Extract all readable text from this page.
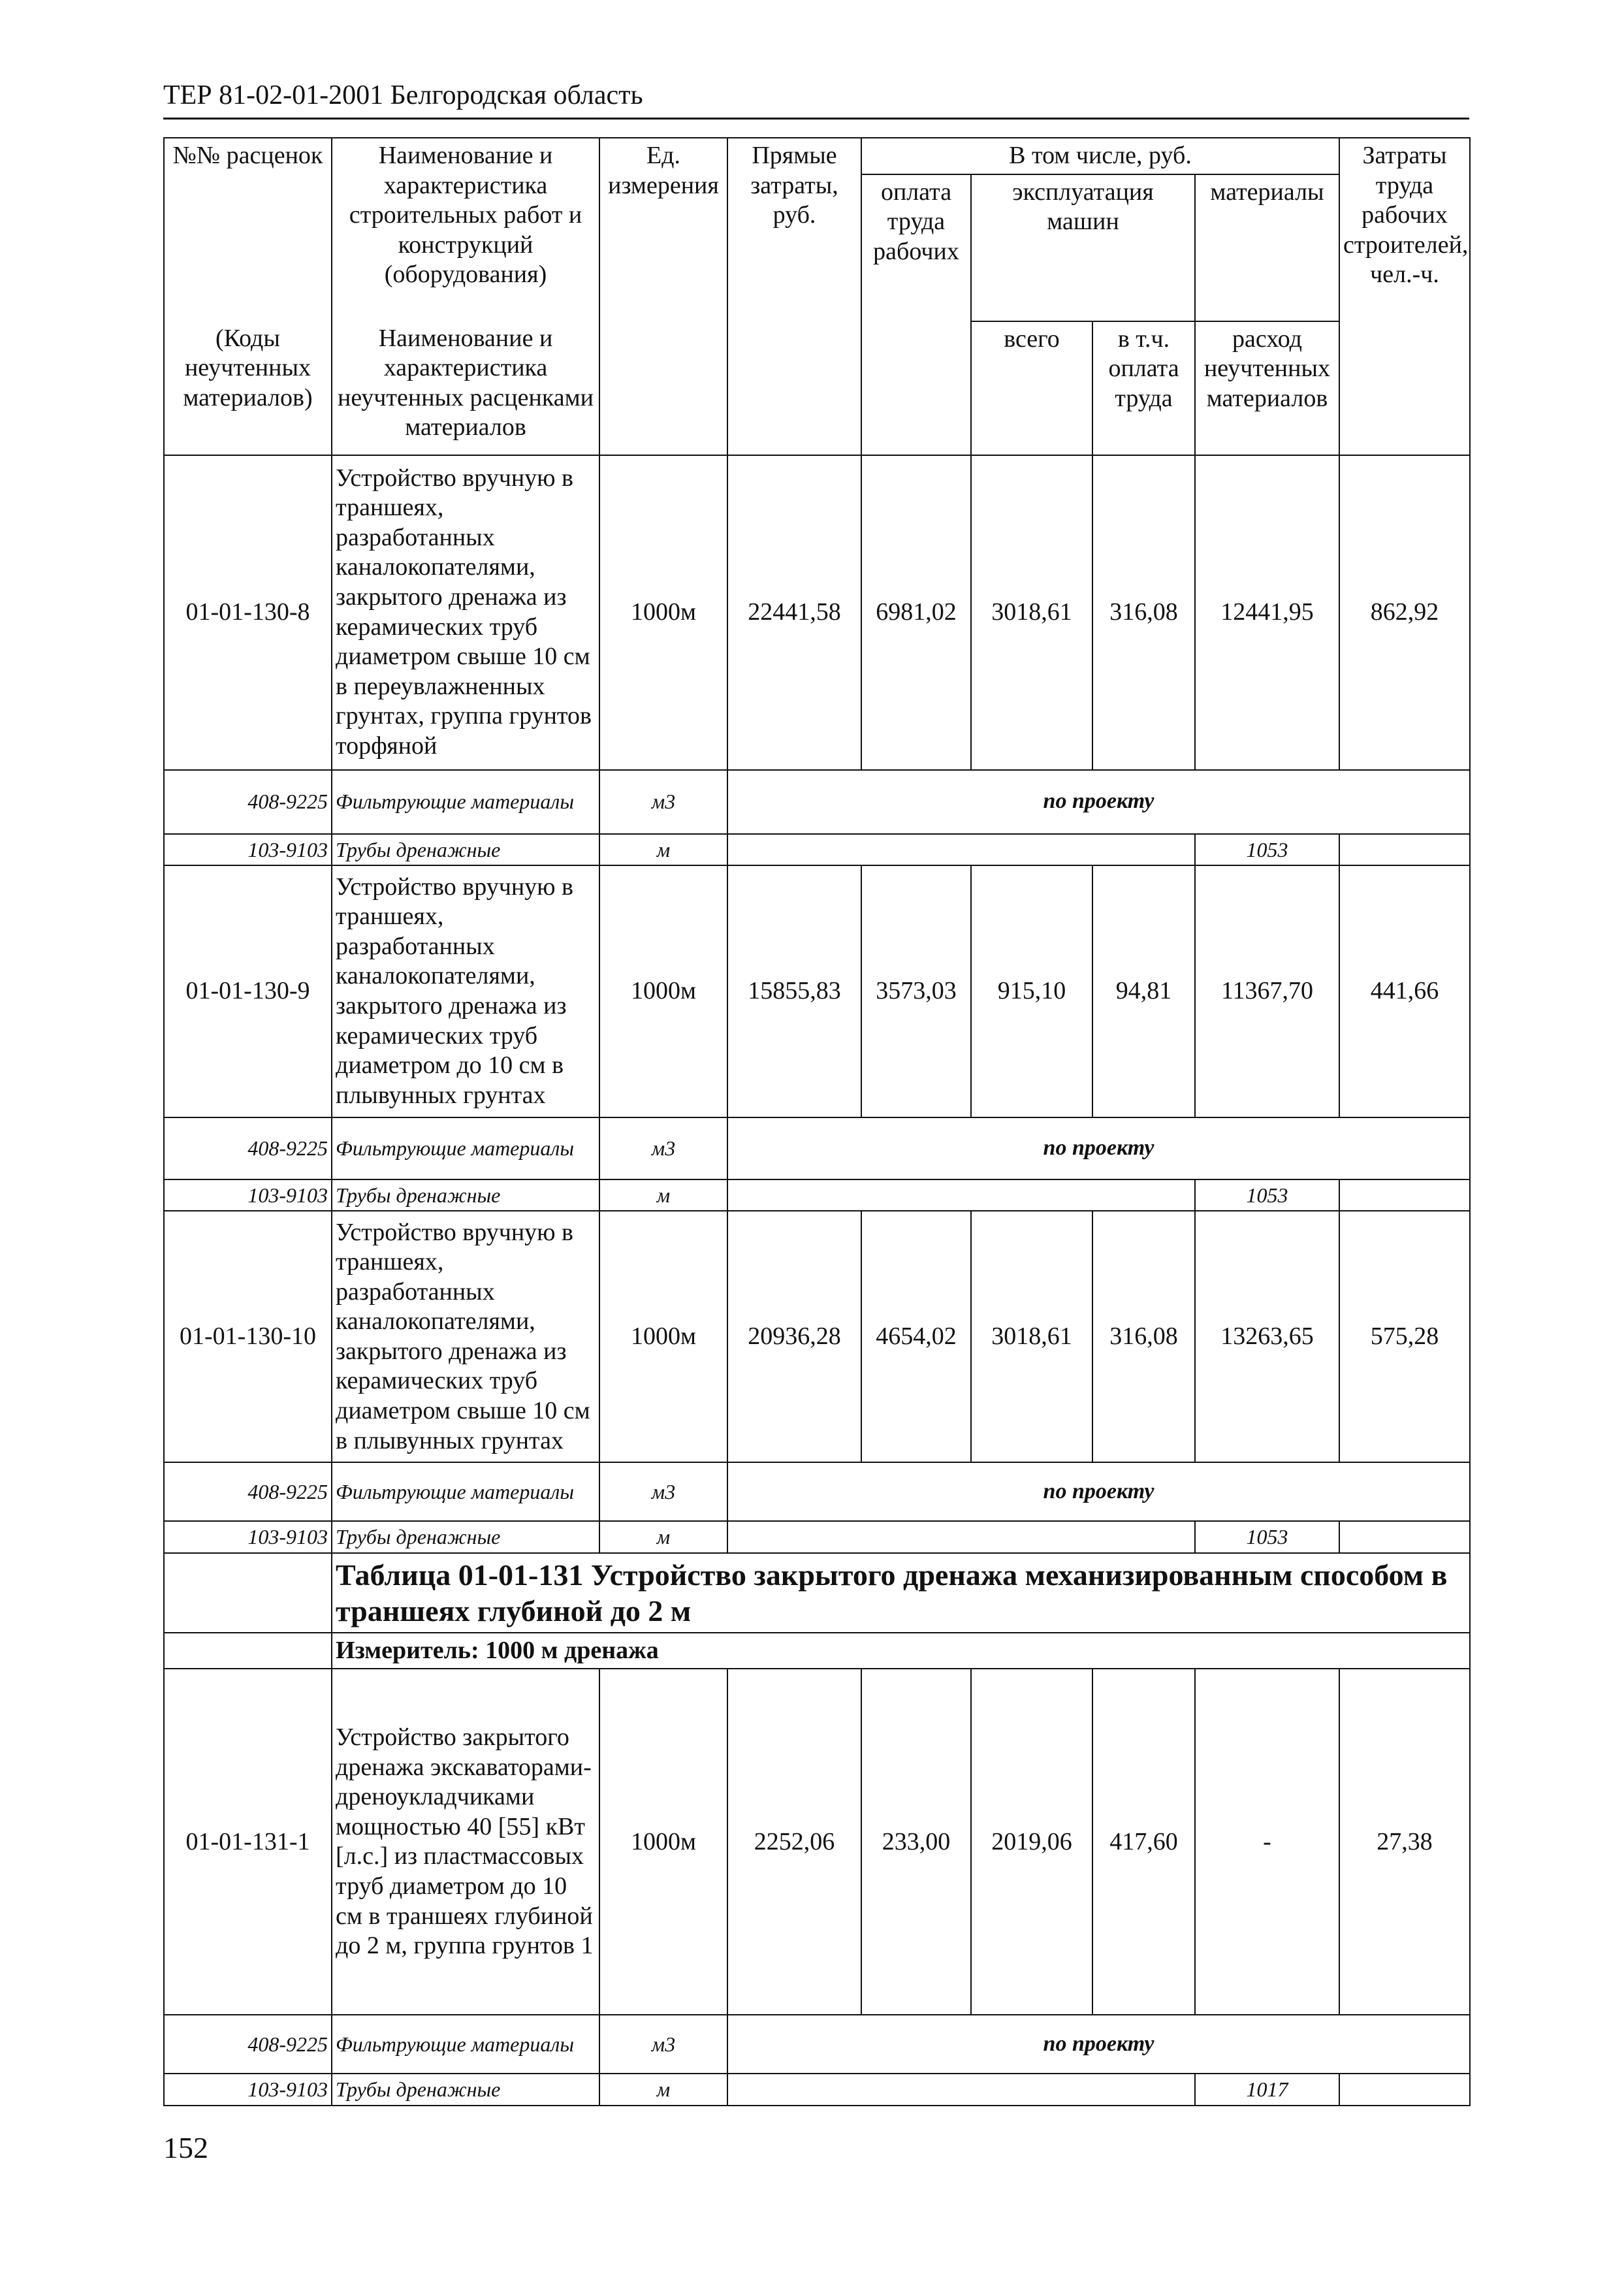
ТЕР 81-02-01-2001 Белгородская область
№№ расценок	Наименование и характеристика строительных работ и конструкций (оборудования)	Ед. измерения	Прямые затраты, руб.	В том числе, руб.				Затраты труда рабочих строителей, чел.-ч.
				оплата труда рабочих	эксплуатация машин		материалы	
(Коды неучтенных материалов)	Наименование и характеристика неучтенных расценками материалов				всего	в т.ч. оплата труда	расход неучтенных материалов	
01-01-130-8	Устройство вручную в траншеях, разработанных каналокопателями, закрытого дренажа из керамических труб диаметром свыше 10 см в переувлажненных грунтах, группа грунтов торфяной	1000м	22441,58	6981,02	3018,61	316,08	12441,95	862,92
408-9225	Фильтрующие материалы	м3	по проекту					
103-9103	Трубы дренажные	м					1053	
01-01-130-9	Устройство вручную в траншеях, разработанных каналокопателями, закрытого дренажа из керамических труб диаметром до 10 см в плывунных грунтах	1000м	15855,83	3573,03	915,10	94,81	11367,70	441,66
408-9225	Фильтрующие материалы	м3	по проекту					
103-9103	Трубы дренажные	м					1053	
01-01-130-10	Устройство вручную в траншеях, разработанных каналокопателями, закрытого дренажа из керамических труб диаметром свыше 10 см в плывунных грунтах	1000м	20936,28	4654,02	3018,61	316,08	13263,65	575,28
408-9225	Фильтрующие материалы	м3	по проекту					
103-9103	Трубы дренажные	м					1053	
	Таблица 01-01-131 Устройство закрытого дренажа механизированным способом в траншеях глубиной до 2 м							
	Измеритель: 1000 м дренажа							
01-01-131-1	Устройство закрытого дренажа экскаваторами-дреноукладчиками мощностью 40 [55] кВт [л.с.] из пластмассовых труб диаметром до 10 см в траншеях глубиной до 2 м, группа грунтов 1	1000м	2252,06	233,00	2019,06	417,60	-	27,38
408-9225	Фильтрующие материалы	м3	по проекту					
103-9103	Трубы дренажные	м					1017	
152
